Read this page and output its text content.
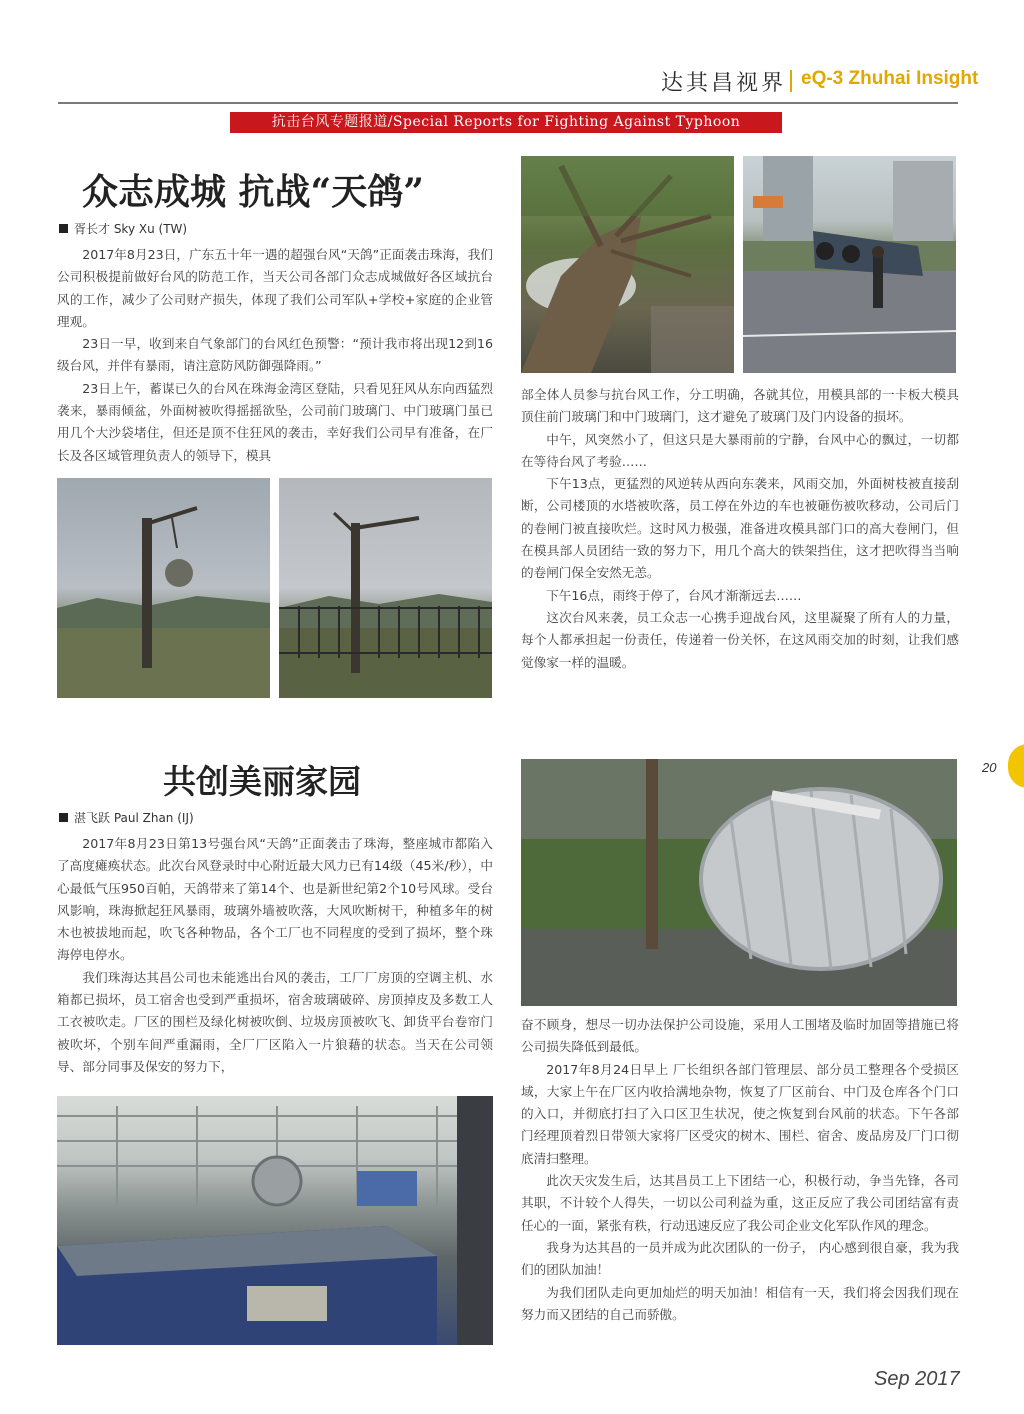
达其昌视界 eQ-3 Zhuhai Insight
抗击台风专题报道/Special Reports for Fighting Against Typhoon
众志成城 抗战“天鸽”
胥长才 Sky Xu (TW)

2017年8月23日，广东五十年一遇的超强台风“天鸽”正面袭击珠海，我们公司积极提前做好台风的防范工作，当天公司各部门众志成城做好各区域抗台风的工作，减少了公司财产损失，体现了我们公司军队+学校+家庭的企业管理观。

23日一早，收到来自气象部门的台风红色预警：“预计我市将出现12到16级台风，并伴有暴雨，请注意防风防御强降雨。”

23日上午，蓄谋已久的台风在珠海金湾区登陆，只看见狂风从东向西猛烈袭来，暴雨倾盆，外面树被吹得摇摇欲坠，公司前门玻璃门、中门玻璃门虽已用几个大沙袋堵住，但还是顶不住狂风的袭击，幸好我们公司早有准备，在厂长及各区域管理负责人的领导下，模具

部全体人员参与抗台风工作，分工明确，各就其位，用模具部的一卡板大模具顶住前门玻璃门和中门玻璃门，这才避免了玻璃门及门内设备的损坏。

中午，风突然小了，但这只是大暴雨前的宁静，台风中心的飘过，一切都在等待台风了考验……

下午13点，更猛烈的风逆转从西向东袭来，风雨交加，外面树枝被直接刮断，公司楼顶的水塔被吹落，员工停在外边的车也被砸伤被吹移动，公司后门的卷闸门被直接吹烂。这时风力极强，准备进攻模具部门口的高大卷闸门，但在模具部人员团结一致的努力下，用几个高大的铁架挡住，这才把吹得当当响的卷闸门保全安然无恙。

下午16点，雨终于停了，台风才渐渐远去……

这次台风来袭，员工众志一心携手迎战台风，这里凝聚了所有人的力量，每个人都承担起一份责任，传递着一份关怀，在这风雨交加的时刻，让我们感觉像家一样的温暖。

共创美丽家园
湛飞跃 Paul Zhan (IJ)

2017年8月23日第13号强台风“天鸽”正面袭击了珠海，整座城市都陷入了高度瘫痪状态。此次台风登录时中心附近最大风力已有14级（45米/秒），中心最低气压950百帕，天鸽带来了第14个、也是新世纪第2个10号风球。受台风影响，珠海掀起狂风暴雨，玻璃外墙被吹落，大风吹断树干，种植多年的树木也被拔地而起，吹飞各种物品，各个工厂也不同程度的受到了损坏，整个珠海停电停水。

我们珠海达其昌公司也未能逃出台风的袭击，工厂厂房顶的空调主机、水箱都已损坏，员工宿舍也受到严重损坏，宿舍玻璃破碎、房顶掉皮及多数工人工衣被吹走。厂区的围栏及绿化树被吹倒、垃圾房顶被吹飞、卸货平台卷帘门被吹坏，个别车间严重漏雨，全厂厂区陷入一片狼藉的状态。当天在公司领导、部分同事及保安的努力下，

奋不顾身，想尽一切办法保护公司设施，采用人工围堵及临时加固等措施已将公司损失降低到最低。

2017年8月24日早上 厂长组织各部门管理层、部分员工整理各个受损区域，大家上午在厂区内收拾满地杂物，恢复了厂区前台、中门及仓库各个门口的入口，并彻底打扫了入口区卫生状况，使之恢复到台风前的状态。下午各部门经理顶着烈日带领大家将厂区受灾的树木、围栏、宿舍、废品房及厂门口彻底清扫整理。

此次天灾发生后，达其昌员工上下团结一心，积极行动，争当先锋，各司其职，不计较个人得失，一切以公司利益为重，这正反应了我公司团结富有责任心的一面，紧张有秩，行动迅速反应了我公司企业文化军队作风的理念。

我身为达其昌的一员并成为此次团队的一份子， 内心感到很自豪，我为我们的团队加油！

为我们团队走向更加灿烂的明天加油！相信有一天，我们将会因我们现在努力而又团结的自己而骄傲。

20
Sep 2017
